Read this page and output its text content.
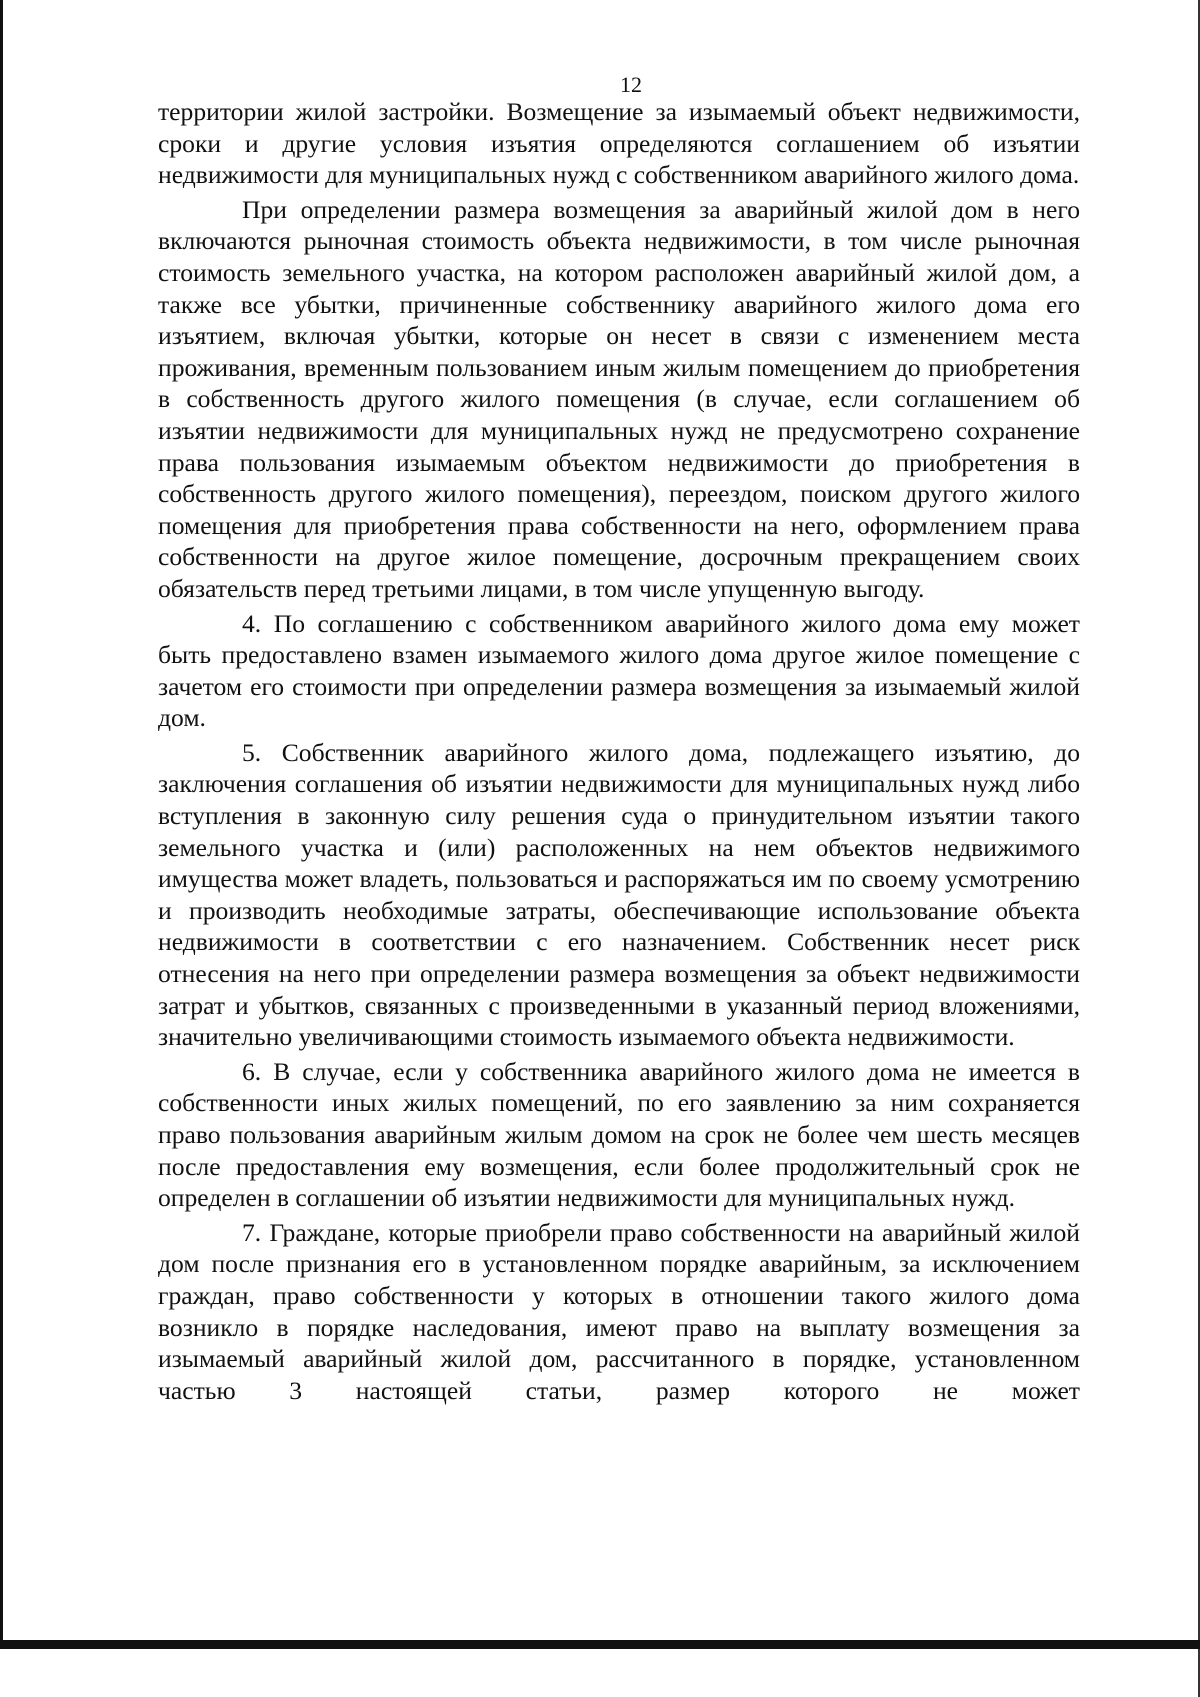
12

территории жилой застройки. Возмещение за изымаемый объект недвижимости, сроки и другие условия изъятия определяются соглашением об изъятии недвижимости для муниципальных нужд с собственником аварийного жилого дома.

При определении размера возмещения за аварийный жилой дом в него включаются рыночная стоимость объекта недвижимости, в том числе рыночная стоимость земельного участка, на котором расположен аварийный жилой дом, а также все убытки, причиненные собственнику аварийного жилого дома его изъятием, включая убытки, которые он несет в связи с изменением места проживания, временным пользованием иным жилым помещением до приобретения в собственность другого жилого помещения (в случае, если соглашением об изъятии недвижимости для муниципальных нужд не предусмотрено сохранение права пользования изымаемым объектом недвижимости до приобретения в собственность другого жилого помещения), переездом, поиском другого жилого помещения для приобретения права собственности на него, оформлением права собственности на другое жилое помещение, досрочным прекращением своих обязательств перед третьими лицами, в том числе упущенную выгоду.

4. По соглашению с собственником аварийного жилого дома ему может быть предоставлено взамен изымаемого жилого дома другое жилое помещение с зачетом его стоимости при определении размера возмещения за изымаемый жилой дом.

5. Собственник аварийного жилого дома, подлежащего изъятию, до заключения соглашения об изъятии недвижимости для муниципальных нужд либо вступления в законную силу решения суда о принудительном изъятии такого земельного участка и (или) расположенных на нем объектов недвижимого имущества может владеть, пользоваться и распоряжаться им по своему усмотрению и производить необходимые затраты, обеспечивающие использование объекта недвижимости в соответствии с его назначением. Собственник несет риск отнесения на него при определении размера возмещения за объект недвижимости затрат и убытков, связанных с произведенными в указанный период вложениями, значительно увеличивающими стоимость изымаемого объекта недвижимости.

6. В случае, если у собственника аварийного жилого дома не имеется в собственности иных жилых помещений, по его заявлению за ним сохраняется право пользования аварийным жилым домом на срок не более чем шесть месяцев после предоставления ему возмещения, если более продолжительный срок не определен в соглашении об изъятии недвижимости для муниципальных нужд.

7. Граждане, которые приобрели право собственности на аварийный жилой дом после признания его в установленном порядке аварийным, за исключением граждан, право собственности у которых в отношении такого жилого дома возникло в порядке наследования, имеют право на выплату возмещения за изымаемый аварийный жилой дом, рассчитанного в порядке, установленном частью 3 настоящей статьи, размер которого не может
